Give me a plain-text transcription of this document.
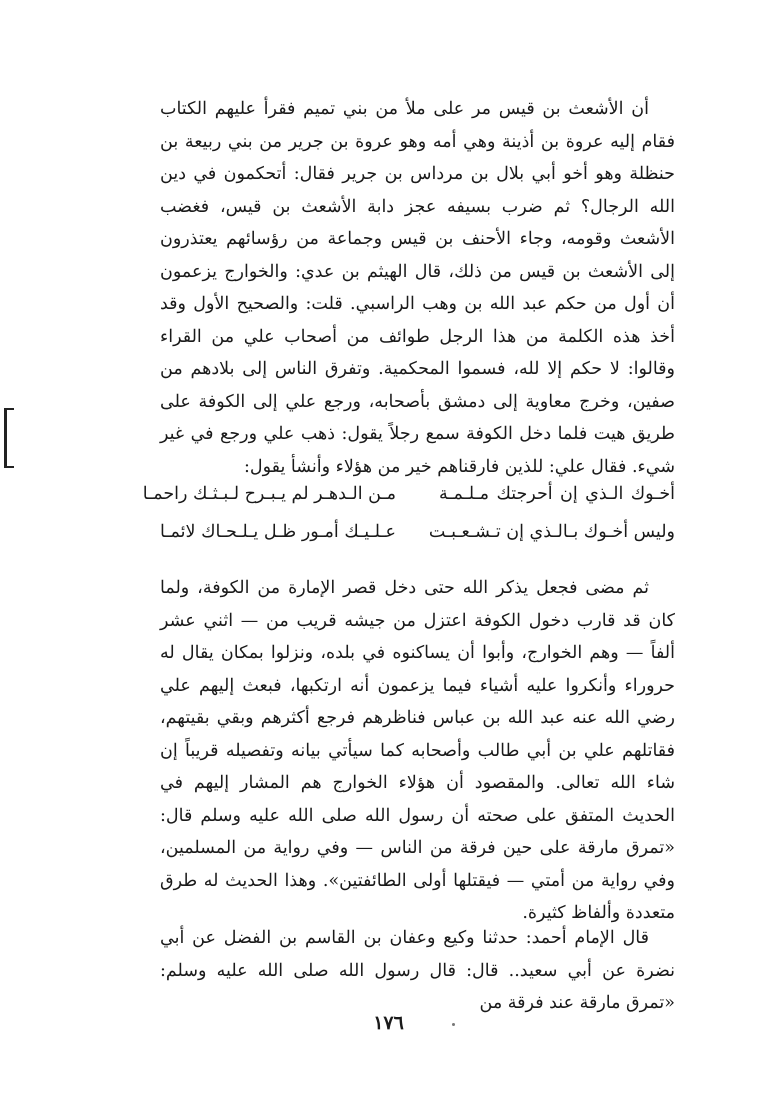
أن الأشعث بن قيس مر على ملأ من بني تميم فقرأ عليهم الكتاب فقام إليه عروة بن أذينة وهي أمه وهو عروة بن جرير من بني ربيعة بن حنظلة وهو أخو أبي بلال بن مرداس بن جرير فقال: أتحكمون في دين الله الرجال؟ ثم ضرب بسيفه عجز دابة الأشعث بن قيس، فغضب الأشعث وقومه، وجاء الأحنف بن قيس وجماعة من رؤسائهم يعتذرون إلى الأشعث بن قيس من ذلك، قال الهيثم بن عدي: والخوارج يزعمون أن أول من حكم عبد الله بن وهب الراسبي. قلت: والصحيح الأول وقد أخذ هذه الكلمة من هذا الرجل طوائف من أصحاب علي من القراء وقالوا: لا حكم إلا لله، فسموا المحكمية. وتفرق الناس إلى بلادهم من صفين، وخرج معاوية إلى دمشق بأصحابه، ورجع علي إلى الكوفة على طريق هيت فلما دخل الكوفة سمع رجلاً يقول: ذهب علي ورجع في غير شيء. فقال علي: للذين فارقناهم خير من هؤلاء وأنشأ يقول:

أخـوك الـذي إن أحرجتك مـلـمـة
مـن الـدهـر لم يـبـرح لـبـثـك راحمـا
وليس أخـوك بـالـذي إن تـشـعـبـت
عـلـيـك أمـور ظـل يـلـحـاك لائمـا

ثم مضى فجعل يذكر الله حتى دخل قصر الإمارة من الكوفة، ولما كان قد قارب دخول الكوفة اعتزل من جيشه قريب من — اثني عشر ألفاً — وهم الخوارج، وأبوا أن يساكنوه في بلده، ونزلوا بمكان يقال له حروراء وأنكروا عليه أشياء فيما يزعمون أنه ارتكبها، فبعث إليهم علي رضي الله عنه عبد الله بن عباس فناظرهم فرجع أكثرهم وبقي بقيتهم، فقاتلهم علي بن أبي طالب وأصحابه كما سيأتي بيانه وتفصيله قريباً إن شاء الله تعالى. والمقصود أن هؤلاء الخوارج هم المشار إليهم في الحديث المتفق على صحته أن رسول الله صلى الله عليه وسلم قال: «تمرق مارقة على حين فرقة من الناس — وفي رواية من المسلمين، وفي رواية من أمتي — فيقتلها أولى الطائفتين». وهذا الحديث له طرق متعددة وألفاظ كثيرة.

قال الإمام أحمد: حدثنا وكيع وعفان بن القاسم بن الفضل عن أبي نضرة عن أبي سعيد.. قال: قال رسول الله صلى الله عليه وسلم: «تمرق مارقة عند فرقة من

١٧٦
